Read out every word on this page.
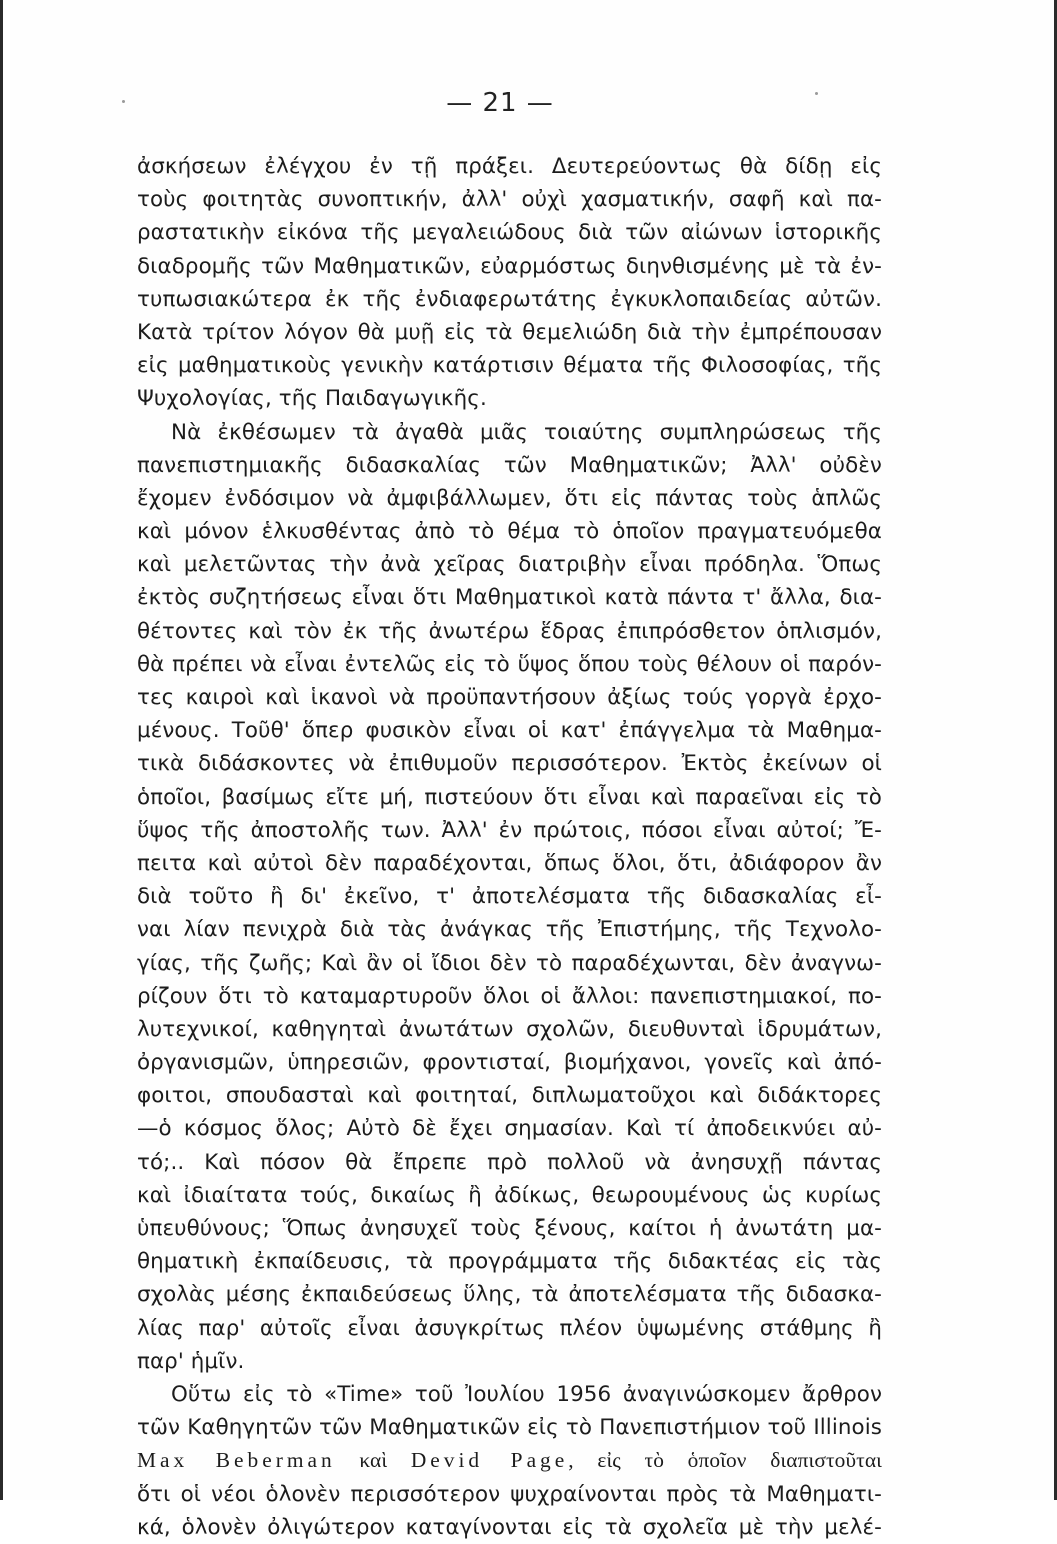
— 21 —
ἀσκήσεων ἐλέγχου ἐν τῇ πράξει. Δευτερεύοντως θὰ δίδῃ εἰς
τοὺς φοιτητὰς συνοπτικήν, ἀλλ' οὐχὶ χασματικήν, σαφῆ καὶ πα-
ραστατικὴν εἰκόνα τῆς μεγαλειώδους διὰ τῶν αἰώνων ἱστορικῆς
διαδρομῆς τῶν Μαθηματικῶν, εὐαρμόστως διηνθισμένης μὲ τὰ ἐν-
τυπωσιακώτερα ἐκ τῆς ἐνδιαφερωτάτης ἐγκυκλοπαιδείας αὐτῶν.
Κατὰ τρίτον λόγον θὰ μυῇ εἰς τὰ θεμελιώδη διὰ τὴν ἐμπρέπουσαν
εἰς μαθηματικοὺς γενικὴν κατάρτισιν θέματα τῆς Φιλοσοφίας, τῆς
Ψυχολογίας, τῆς Παιδαγωγικῆς.
Νὰ ἐκθέσωμεν τὰ ἀγαθὰ μιᾶς τοιαύτης συμπληρώσεως τῆς
πανεπιστημιακῆς διδασκαλίας τῶν Μαθηματικῶν; Ἀλλ' οὐδὲν
ἔχομεν ἐνδόσιμον νὰ ἀμφιβάλλωμεν, ὅτι εἰς πάντας τοὺς ἁπλῶς
καὶ μόνον ἑλκυσθέντας ἀπὸ τὸ θέμα τὸ ὁποῖον πραγματευόμεθα
καὶ μελετῶντας τὴν ἀνὰ χεῖρας διατριβὴν εἶναι πρόδηλα. Ὅπως
ἐκτὸς συζητήσεως εἶναι ὅτι Μαθηματικοὶ κατὰ πάντα τ' ἄλλα, δια-
θέτοντες καὶ τὸν ἐκ τῆς ἀνωτέρω ἕδρας ἐπιπρόσθετον ὁπλισμόν,
θὰ πρέπει νὰ εἶναι ἐντελῶς εἰς τὸ ὕψος ὅπου τοὺς θέλουν οἱ παρόν-
τες καιροὶ καὶ ἱκανοὶ νὰ προϋπαντήσουν ἀξίως τούς γοργὰ ἐρχο-
μένους. Τοῦθ' ὅπερ φυσικὸν εἶναι οἱ κατ' ἐπάγγελμα τὰ Μαθημα-
τικὰ διδάσκοντες νὰ ἐπιθυμοῦν περισσότερον. Ἐκτὸς ἐκείνων οἱ
ὁποῖοι, βασίμως εἴτε μή, πιστεύουν ὅτι εἶναι καὶ παραεῖναι εἰς τὸ
ὕψος τῆς ἀποστολῆς των. Ἀλλ' ἐν πρώτοις, πόσοι εἶναι αὐτοί; Ἔ-
πειτα καὶ αὐτοὶ δὲν παραδέχονται, ὅπως ὅλοι, ὅτι, ἀδιάφορον ἂν
διὰ τοῦτο ἢ δι' ἐκεῖνο, τ' ἀποτελέσματα τῆς διδασκαλίας εἶ-
ναι λίαν πενιχρὰ διὰ τὰς ἀνάγκας τῆς Ἐπιστήμης, τῆς Τεχνολο-
γίας, τῆς ζωῆς; Καὶ ἂν οἱ ἴδιοι δὲν τὸ παραδέχωνται, δὲν ἀναγνω-
ρίζουν ὅτι τὸ καταμαρτυροῦν ὅλοι οἱ ἄλλοι: πανεπιστημιακοί, πο-
λυτεχνικοί, καθηγηταὶ ἀνωτάτων σχολῶν, διευθυνταὶ ἱδρυμάτων,
ὀργανισμῶν, ὑπηρεσιῶν, φροντισταί, βιομήχανοι, γονεῖς καὶ ἀπό-
φοιτοι, σπουδασταὶ καὶ φοιτηταί, διπλωματοῦχοι καὶ διδάκτορες
—ὁ κόσμος ὅλος; Αὐτὸ δὲ ἔχει σημασίαν. Καὶ τί ἀποδεικνύει αὐ-
τό;.. Καὶ πόσον θὰ ἔπρεπε πρὸ πολλοῦ νὰ ἀνησυχῇ πάντας
καὶ ἰδιαίτατα τούς, δικαίως ἢ ἀδίκως, θεωρουμένους ὡς κυρίως
ὑπευθύνους; Ὅπως ἀνησυχεῖ τοὺς ξένους, καίτοι ἡ ἀνωτάτη μα-
θηματικὴ ἐκπαίδευσις, τὰ προγράμματα τῆς διδακτέας εἰς τὰς
σχολὰς μέσης ἐκπαιδεύσεως ὕλης, τὰ ἀποτελέσματα τῆς διδασκα-
λίας παρ' αὐτοῖς εἶναι ἀσυγκρίτως πλέον ὑψωμένης στάθμης ἢ
παρ' ἡμῖν.
Οὕτω εἰς τὸ «Time» τοῦ Ἰουλίου 1956 ἀναγινώσκομεν ἄρθρον
τῶν Καθηγητῶν τῶν Μαθηματικῶν εἰς τὸ Πανεπιστήμιον τοῦ Illinois
Max Beberman καὶ Devid Page, εἰς τὸ ὁποῖον διαπιστοῦται
ὅτι οἱ νέοι ὁλονὲν περισσότερον ψυχραίνονται πρὸς τὰ Μαθηματι-
κά, ὁλονὲν ὀλιγώτερον καταγίνονται εἰς τὰ σχολεῖα μὲ τὴν μελέ-
